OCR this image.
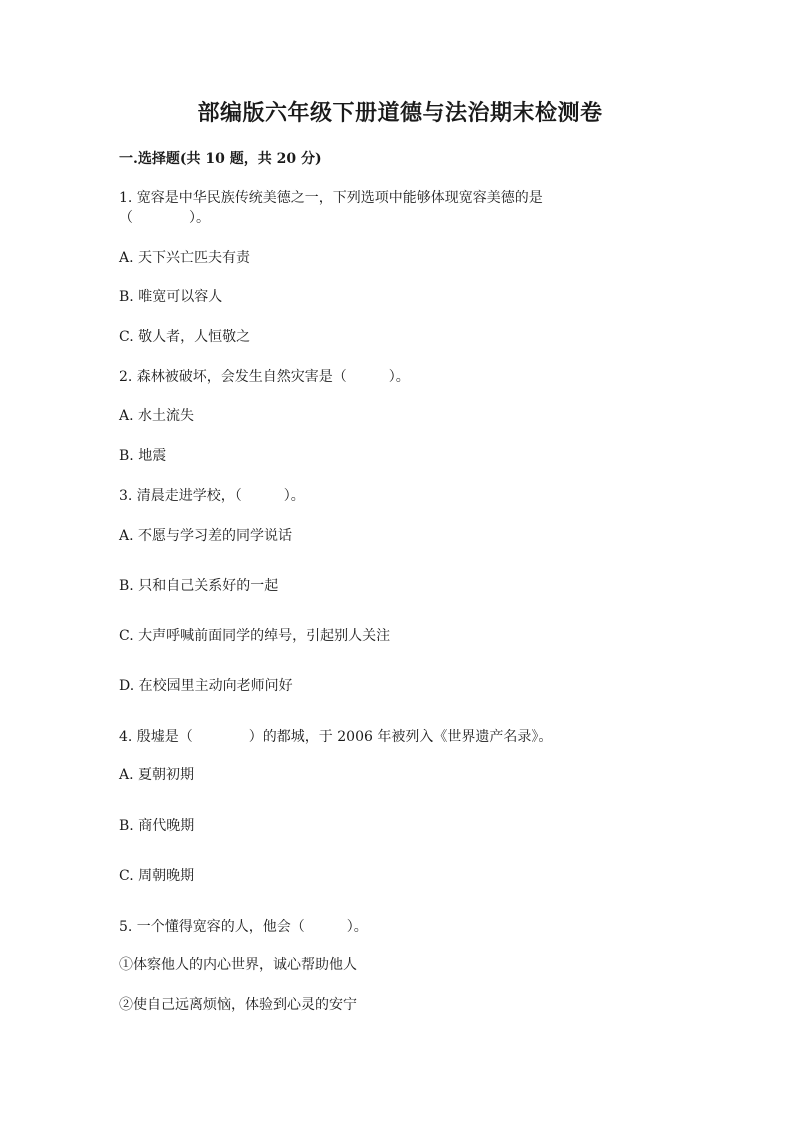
部编版六年级下册道德与法治期末检测卷
一.选择题(共 10 题，共 20 分)
1. 宽容是中华民族传统美德之一，下列选项中能够体现宽容美德的是
（　　　　）。
A. 天下兴亡匹夫有责
B. 唯宽可以容人
C. 敬人者，人恒敬之
2. 森林被破坏，会发生自然灾害是（　　　）。
A. 水土流失
B. 地震
3. 清晨走进学校，（　　　）。
A. 不愿与学习差的同学说话
B. 只和自己关系好的一起
C. 大声呼喊前面同学的绰号，引起别人关注
D. 在校园里主动向老师问好
4. 殷墟是（　　　　）的都城，于 2006 年被列入《世界遗产名录》。
A. 夏朝初期
B. 商代晚期
C. 周朝晚期
5. 一个懂得宽容的人，他会（　　　）。
①体察他人的内心世界，诚心帮助他人
②使自己远离烦恼，体验到心灵的安宁
